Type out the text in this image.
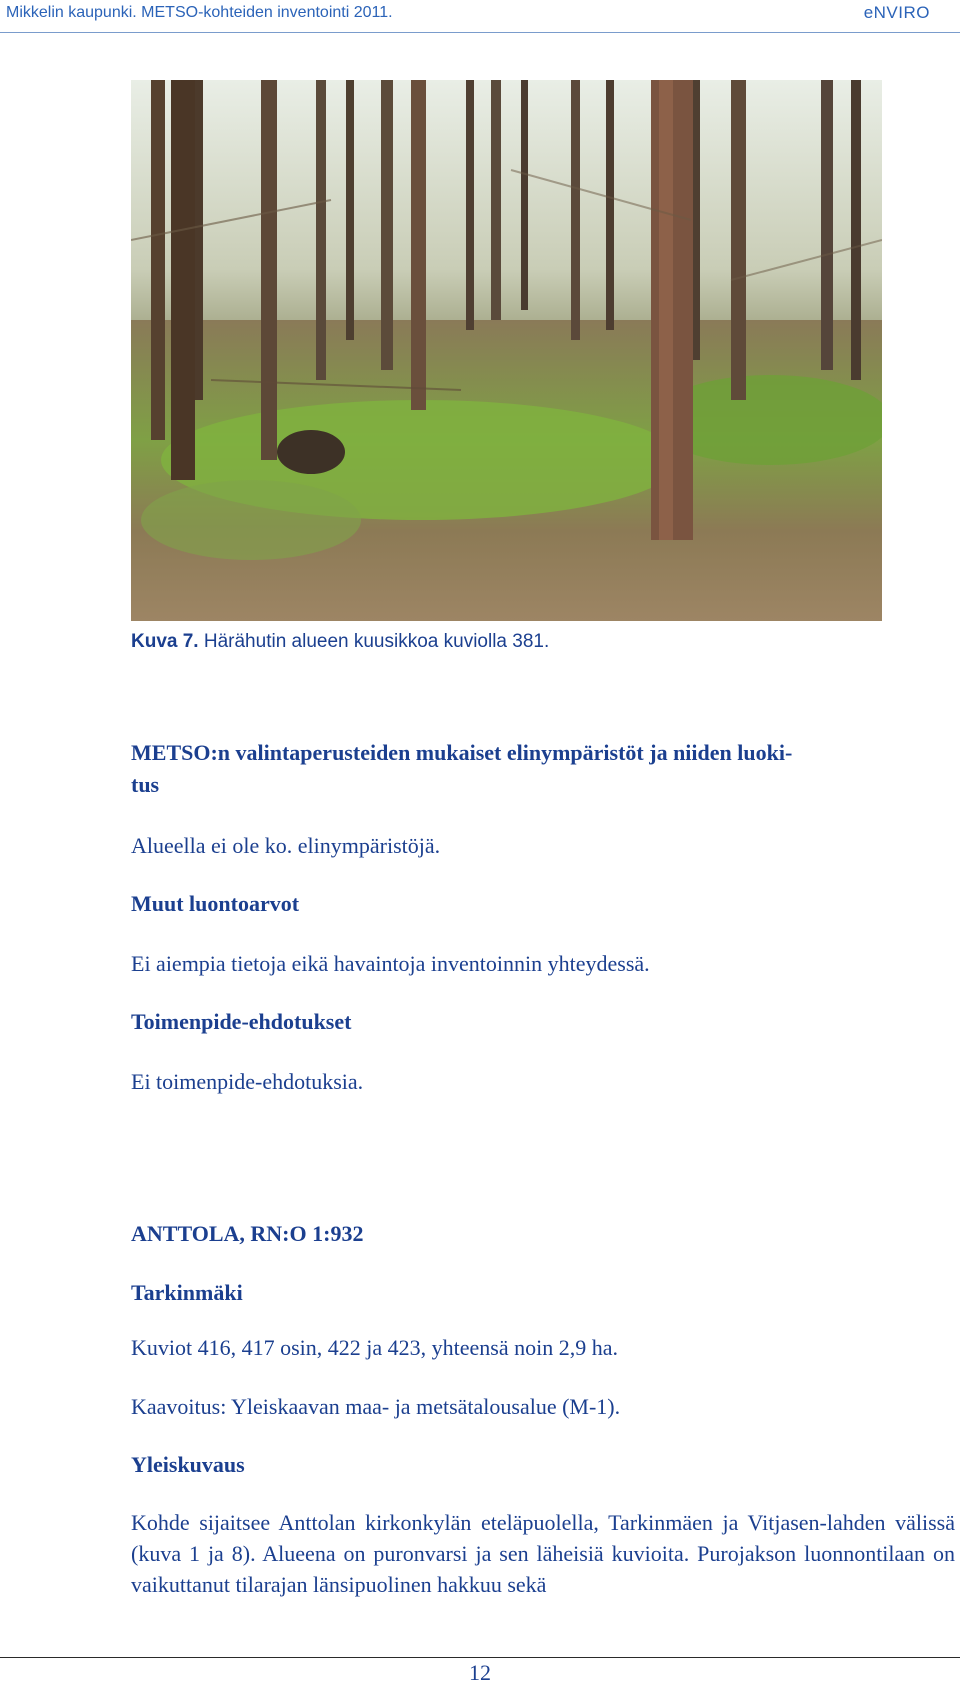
Mikkelin kaupunki. METSO-kohteiden inventointi 2011.	eNVIRO
Kuva 7. Härähutin alueen kuusikkoa kuviolla 381.
METSO:n valintaperusteiden mukaiset elinympäristöt ja niiden luoki-
tus
Alueella ei ole ko. elinympäristöjä.
Muut luontoarvot
Ei aiempia tietoja eikä havaintoja inventoinnin yhteydessä.
Toimenpide-ehdotukset
Ei toimenpide-ehdotuksia.
ANTTOLA, RN:O 1:932
Tarkinmäki
Kuviot 416, 417 osin, 422 ja 423, yhteensä noin 2,9 ha.
Kaavoitus: Yleiskaavan maa- ja metsätalousalue (M-1).
Yleiskuvaus
Kohde sijaitsee Anttolan kirkonkylän eteläpuolella, Tarkinmäen ja Vitjasen-lahden välissä (kuva 1 ja 8). Alueena on puronvarsi ja sen läheisiä kuvioita. Purojakson luonnontilaan on vaikuttanut tilarajan länsipuolinen hakkuu sekä
12
